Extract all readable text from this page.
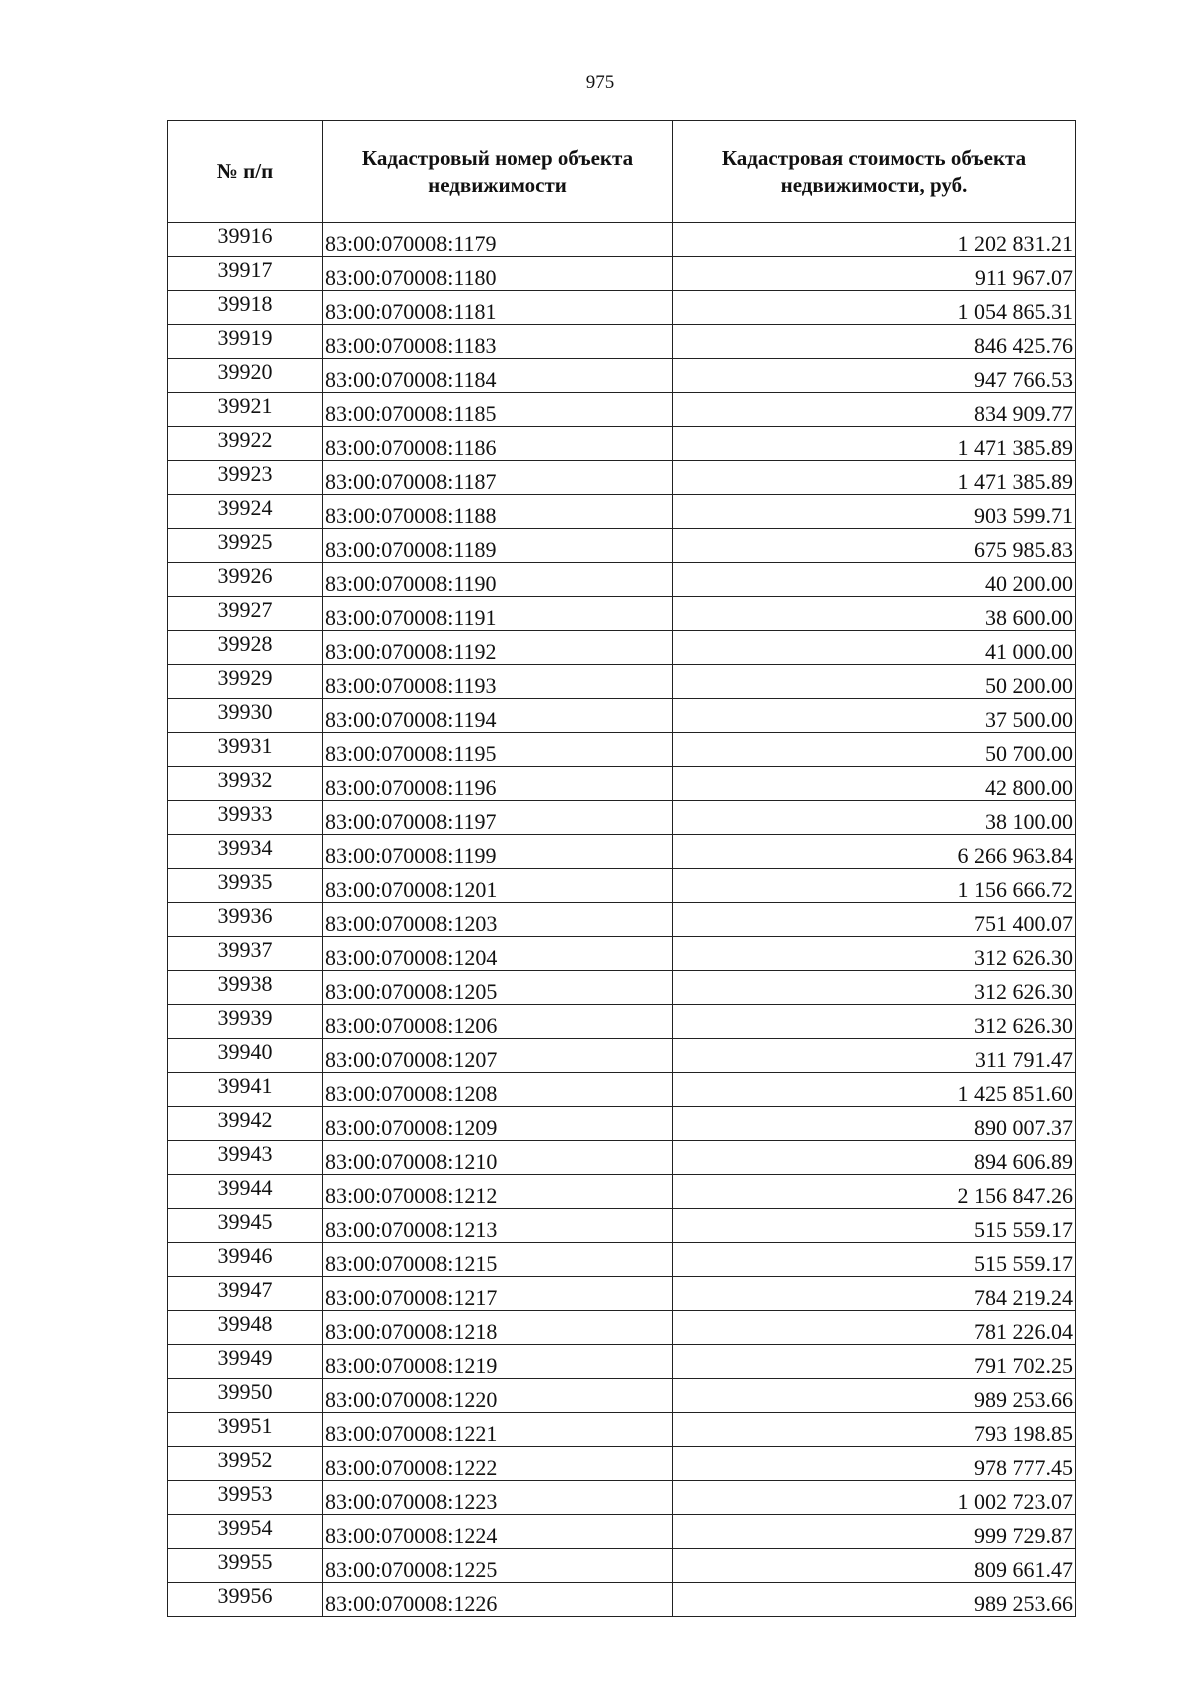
975
№ п/п	Кадастровый номер объекта недвижимости	Кадастровая стоимость объекта недвижимости, руб.
39916	83:00:070008:1179	1 202 831.21
39917	83:00:070008:1180	911 967.07
39918	83:00:070008:1181	1 054 865.31
39919	83:00:070008:1183	846 425.76
39920	83:00:070008:1184	947 766.53
39921	83:00:070008:1185	834 909.77
39922	83:00:070008:1186	1 471 385.89
39923	83:00:070008:1187	1 471 385.89
39924	83:00:070008:1188	903 599.71
39925	83:00:070008:1189	675 985.83
39926	83:00:070008:1190	40 200.00
39927	83:00:070008:1191	38 600.00
39928	83:00:070008:1192	41 000.00
39929	83:00:070008:1193	50 200.00
39930	83:00:070008:1194	37 500.00
39931	83:00:070008:1195	50 700.00
39932	83:00:070008:1196	42 800.00
39933	83:00:070008:1197	38 100.00
39934	83:00:070008:1199	6 266 963.84
39935	83:00:070008:1201	1 156 666.72
39936	83:00:070008:1203	751 400.07
39937	83:00:070008:1204	312 626.30
39938	83:00:070008:1205	312 626.30
39939	83:00:070008:1206	312 626.30
39940	83:00:070008:1207	311 791.47
39941	83:00:070008:1208	1 425 851.60
39942	83:00:070008:1209	890 007.37
39943	83:00:070008:1210	894 606.89
39944	83:00:070008:1212	2 156 847.26
39945	83:00:070008:1213	515 559.17
39946	83:00:070008:1215	515 559.17
39947	83:00:070008:1217	784 219.24
39948	83:00:070008:1218	781 226.04
39949	83:00:070008:1219	791 702.25
39950	83:00:070008:1220	989 253.66
39951	83:00:070008:1221	793 198.85
39952	83:00:070008:1222	978 777.45
39953	83:00:070008:1223	1 002 723.07
39954	83:00:070008:1224	999 729.87
39955	83:00:070008:1225	809 661.47
39956	83:00:070008:1226	989 253.66
